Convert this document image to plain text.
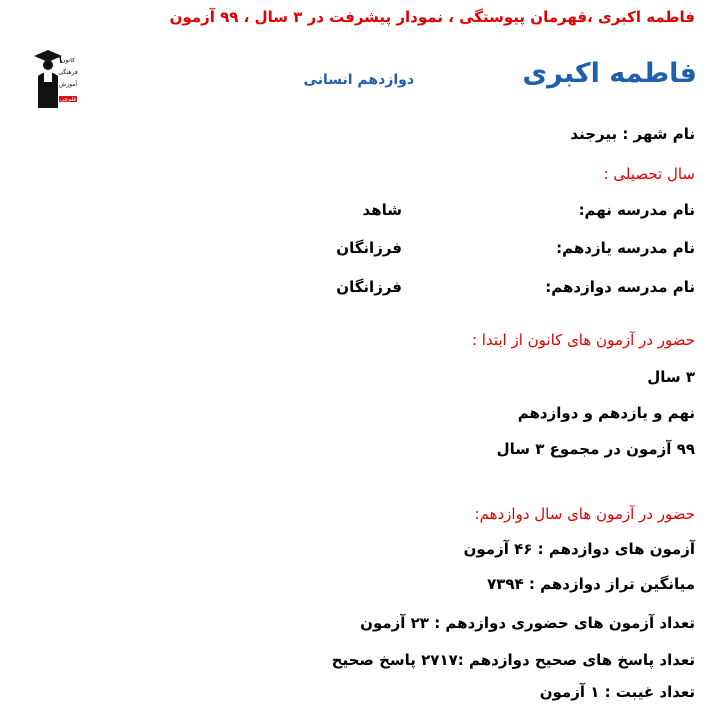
فاطمه اکبری ،قهرمان پیوستگی ، نمودار پیشرفت در ۳ سال ، ۹۹ آزمون
کانون
فرهنگی
آموزش
قلم‌چی
دوازدهم انسانی	فاطمه اکبری
نام شهر : بیرجند
سال تحصیلی :
نام مدرسه نهم:
شاهد
نام مدرسه یازدهم:
فرزانگان
نام مدرسه دوازدهم:
فرزانگان
حضور در آزمون های کانون از ابتدا :
۳ سال
نهم و یازدهم و دوازدهم
۹۹ آزمون در مجموع ۳ سال
حضور در آزمون های سال دوازدهم:
آزمون های دوازدهم : ۴۶ آزمون
میانگین تراز دوازدهم : ۷۳۹۴
تعداد آزمون های حضوری دوازدهم : ۲۳ آزمون
تعداد پاسخ های صحیح دوازدهم :۲۷۱۷ پاسخ صحیح
تعداد غیبت : ۱ آزمون
